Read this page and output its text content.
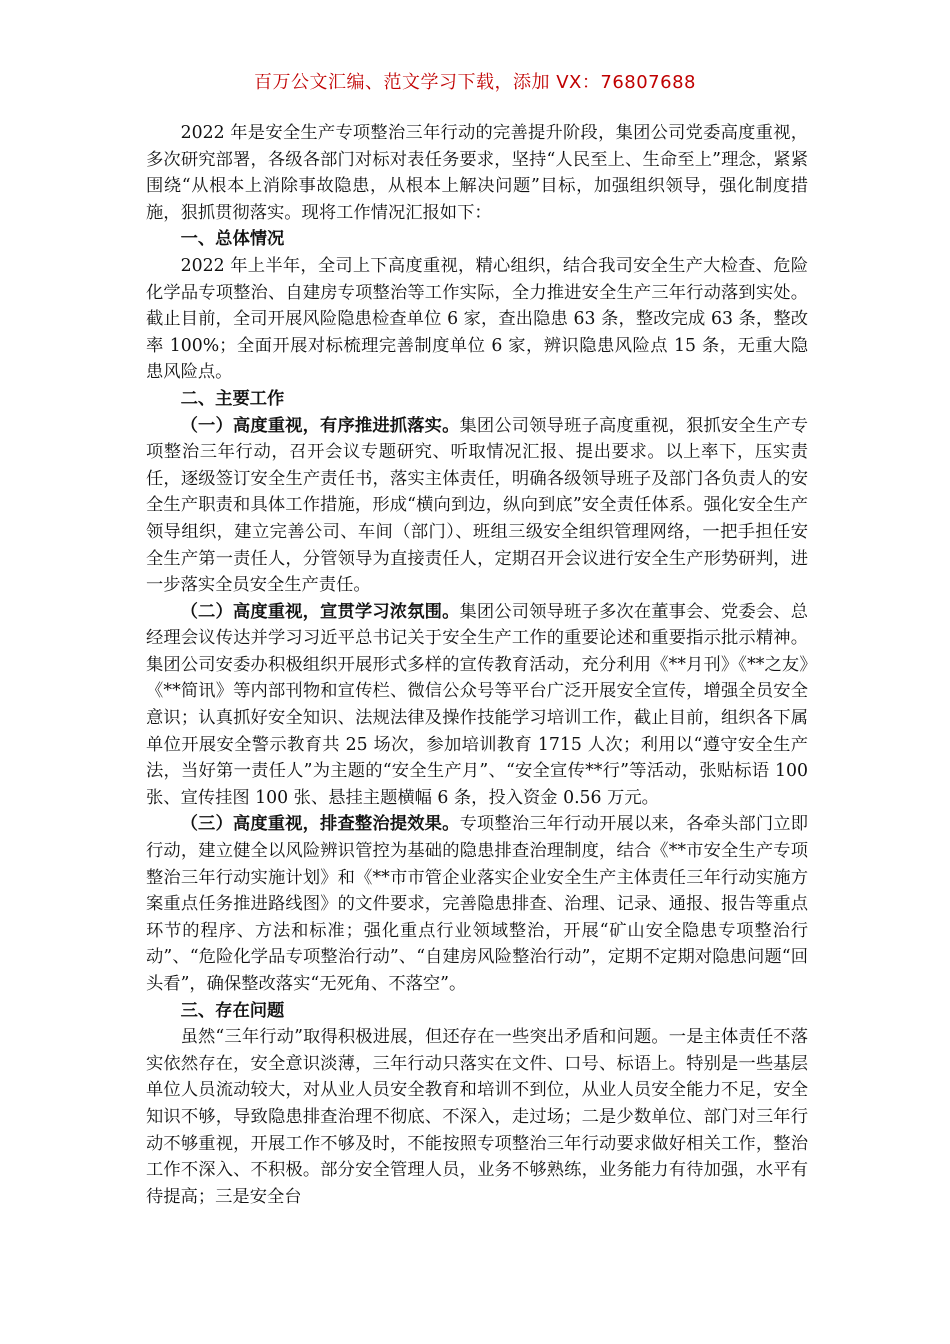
百万公文汇编、范文学习下载，添加 VX：76807688

2022 年是安全生产专项整治三年行动的完善提升阶段，集团公司党委高度重视，多次研究部署，各级各部门对标对表任务要求，坚持“人民至上、生命至上”理念，紧紧围绕“从根本上消除事故隐患，从根本上解决问题”目标，加强组织领导，强化制度措施，狠抓贯彻落实。现将工作情况汇报如下：

一、总体情况

2022 年上半年，全司上下高度重视，精心组织，结合我司安全生产大检查、危险化学品专项整治、自建房专项整治等工作实际，全力推进安全生产三年行动落到实处。截止目前，全司开展风险隐患检查单位 6 家，查出隐患 63 条，整改完成 63 条，整改率 100%；全面开展对标梳理完善制度单位 6 家，辨识隐患风险点 15 条，无重大隐患风险点。

二、主要工作

（一）高度重视，有序推进抓落实。集团公司领导班子高度重视，狠抓安全生产专项整治三年行动，召开会议专题研究、听取情况汇报、提出要求。以上率下，压实责任，逐级签订安全生产责任书，落实主体责任，明确各级领导班子及部门各负责人的安全生产职责和具体工作措施，形成“横向到边，纵向到底”安全责任体系。强化安全生产领导组织，建立完善公司、车间（部门）、班组三级安全组织管理网络，一把手担任安全生产第一责任人，分管领导为直接责任人，定期召开会议进行安全生产形势研判，进一步落实全员安全生产责任。

（二）高度重视，宣贯学习浓氛围。集团公司领导班子多次在董事会、党委会、总经理会议传达并学习习近平总书记关于安全生产工作的重要论述和重要指示批示精神。集团公司安委办积极组织开展形式多样的宣传教育活动，充分利用《**月刊》《**之友》《**简讯》等内部刊物和宣传栏、微信公众号等平台广泛开展安全宣传，增强全员安全意识；认真抓好安全知识、法规法律及操作技能学习培训工作，截止目前，组织各下属单位开展安全警示教育共 25 场次，参加培训教育 1715 人次；利用以“遵守安全生产法，当好第一责任人”为主题的“安全生产月”、“安全宣传**行”等活动，张贴标语 100 张、宣传挂图 100 张、悬挂主题横幅 6 条，投入资金 0.56 万元。

（三）高度重视，排查整治提效果。专项整治三年行动开展以来，各牵头部门立即行动，建立健全以风险辨识管控为基础的隐患排查治理制度，结合《**市安全生产专项整治三年行动实施计划》和《**市市管企业落实企业安全生产主体责任三年行动实施方案重点任务推进路线图》的文件要求，完善隐患排查、治理、记录、通报、报告等重点环节的程序、方法和标准；强化重点行业领域整治，开展“矿山安全隐患专项整治行动”、“危险化学品专项整治行动”、“自建房风险整治行动”，定期不定期对隐患问题“回头看”，确保整改落实“无死角、不落空”。

三、存在问题

虽然“三年行动”取得积极进展，但还存在一些突出矛盾和问题。一是主体责任不落实依然存在，安全意识淡薄，三年行动只落实在文件、口号、标语上。特别是一些基层单位人员流动较大，对从业人员安全教育和培训不到位，从业人员安全能力不足，安全知识不够，导致隐患排查治理不彻底、不深入，走过场；二是少数单位、部门对三年行动不够重视，开展工作不够及时，不能按照专项整治三年行动要求做好相关工作，整治工作不深入、不积极。部分安全管理人员，业务不够熟练，业务能力有待加强，水平有待提高；三是安全台
